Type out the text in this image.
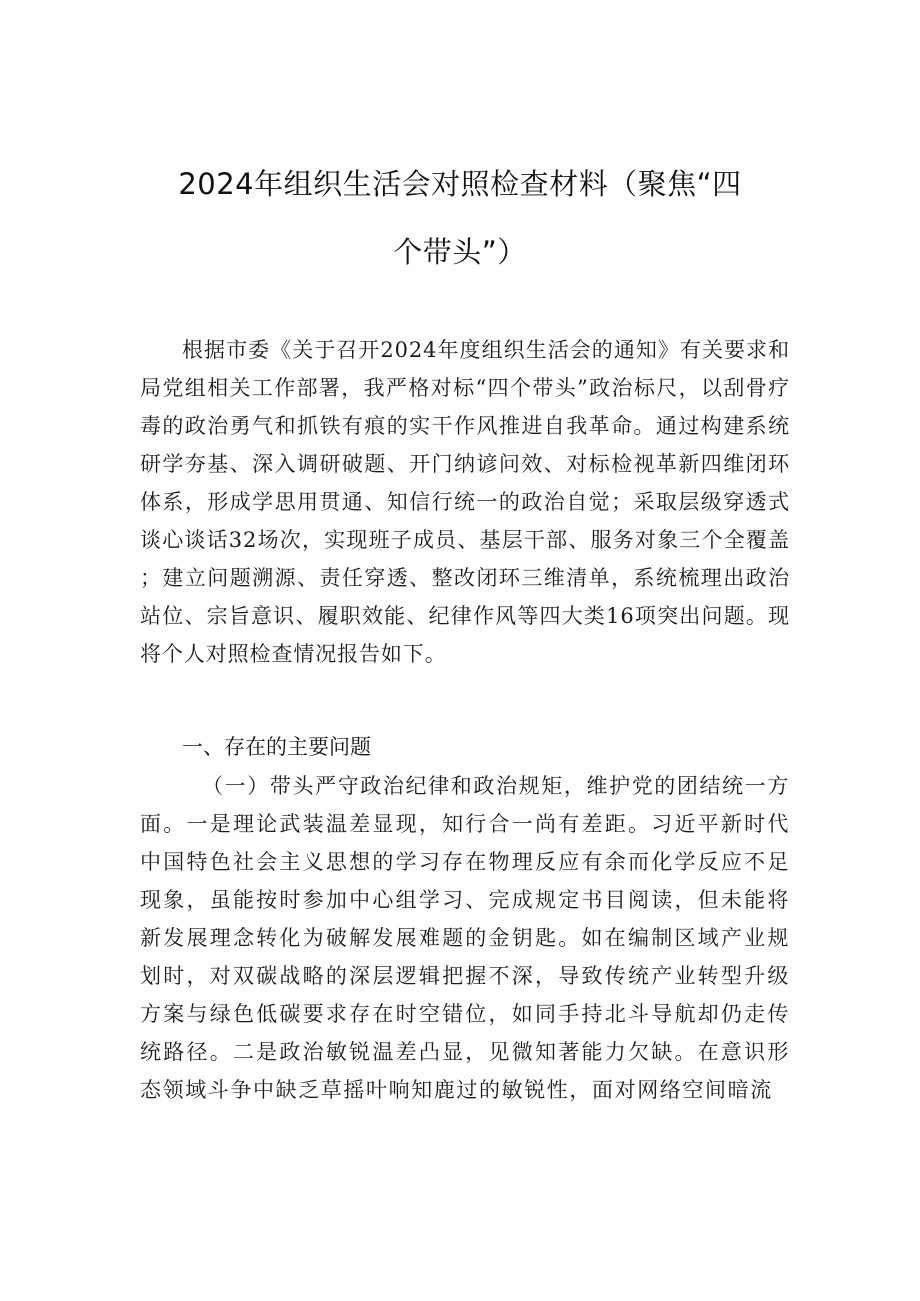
2024年组织生活会对照检查材料（聚焦“四
个带头”）

根据市委《关于召开2024年度组织生活会的通知》有关要求和局党组相关工作部署，我严格对标“四个带头”政治标尺，以刮骨疗毒的政治勇气和抓铁有痕的实干作风推进自我革命。通过构建系统研学夯基、深入调研破题、开门纳谚问效、对标检视革新四维闭环体系，形成学思用贯通、知信行统一的政治自觉；采取层级穿透式谈心谈话32场次，实现班子成员、基层干部、服务对象三个全覆盖；建立问题溯源、责任穿透、整改闭环三维清单，系统梳理出政治站位、宗旨意识、履职效能、纪律作风等四大类16项突出问题。现将个人对照检查情况报告如下。

一、存在的主要问题

（一）带头严守政治纪律和政治规矩，维护党的团结统一方面。一是理论武装温差显现，知行合一尚有差距。习近平新时代中国特色社会主义思想的学习存在物理反应有余而化学反应不足现象，虽能按时参加中心组学习、完成规定书目阅读，但未能将新发展理念转化为破解发展难题的金钥匙。如在编制区域产业规划时，对双碳战略的深层逻辑把握不深，导致传统产业转型升级方案与绿色低碳要求存在时空错位，如同手持北斗导航却仍走传统路径。二是政治敏锐温差凸显，见微知著能力欠缺。在意识形态领域斗争中缺乏草摇叶响知鹿过的敏锐性，面对网络空间暗流
